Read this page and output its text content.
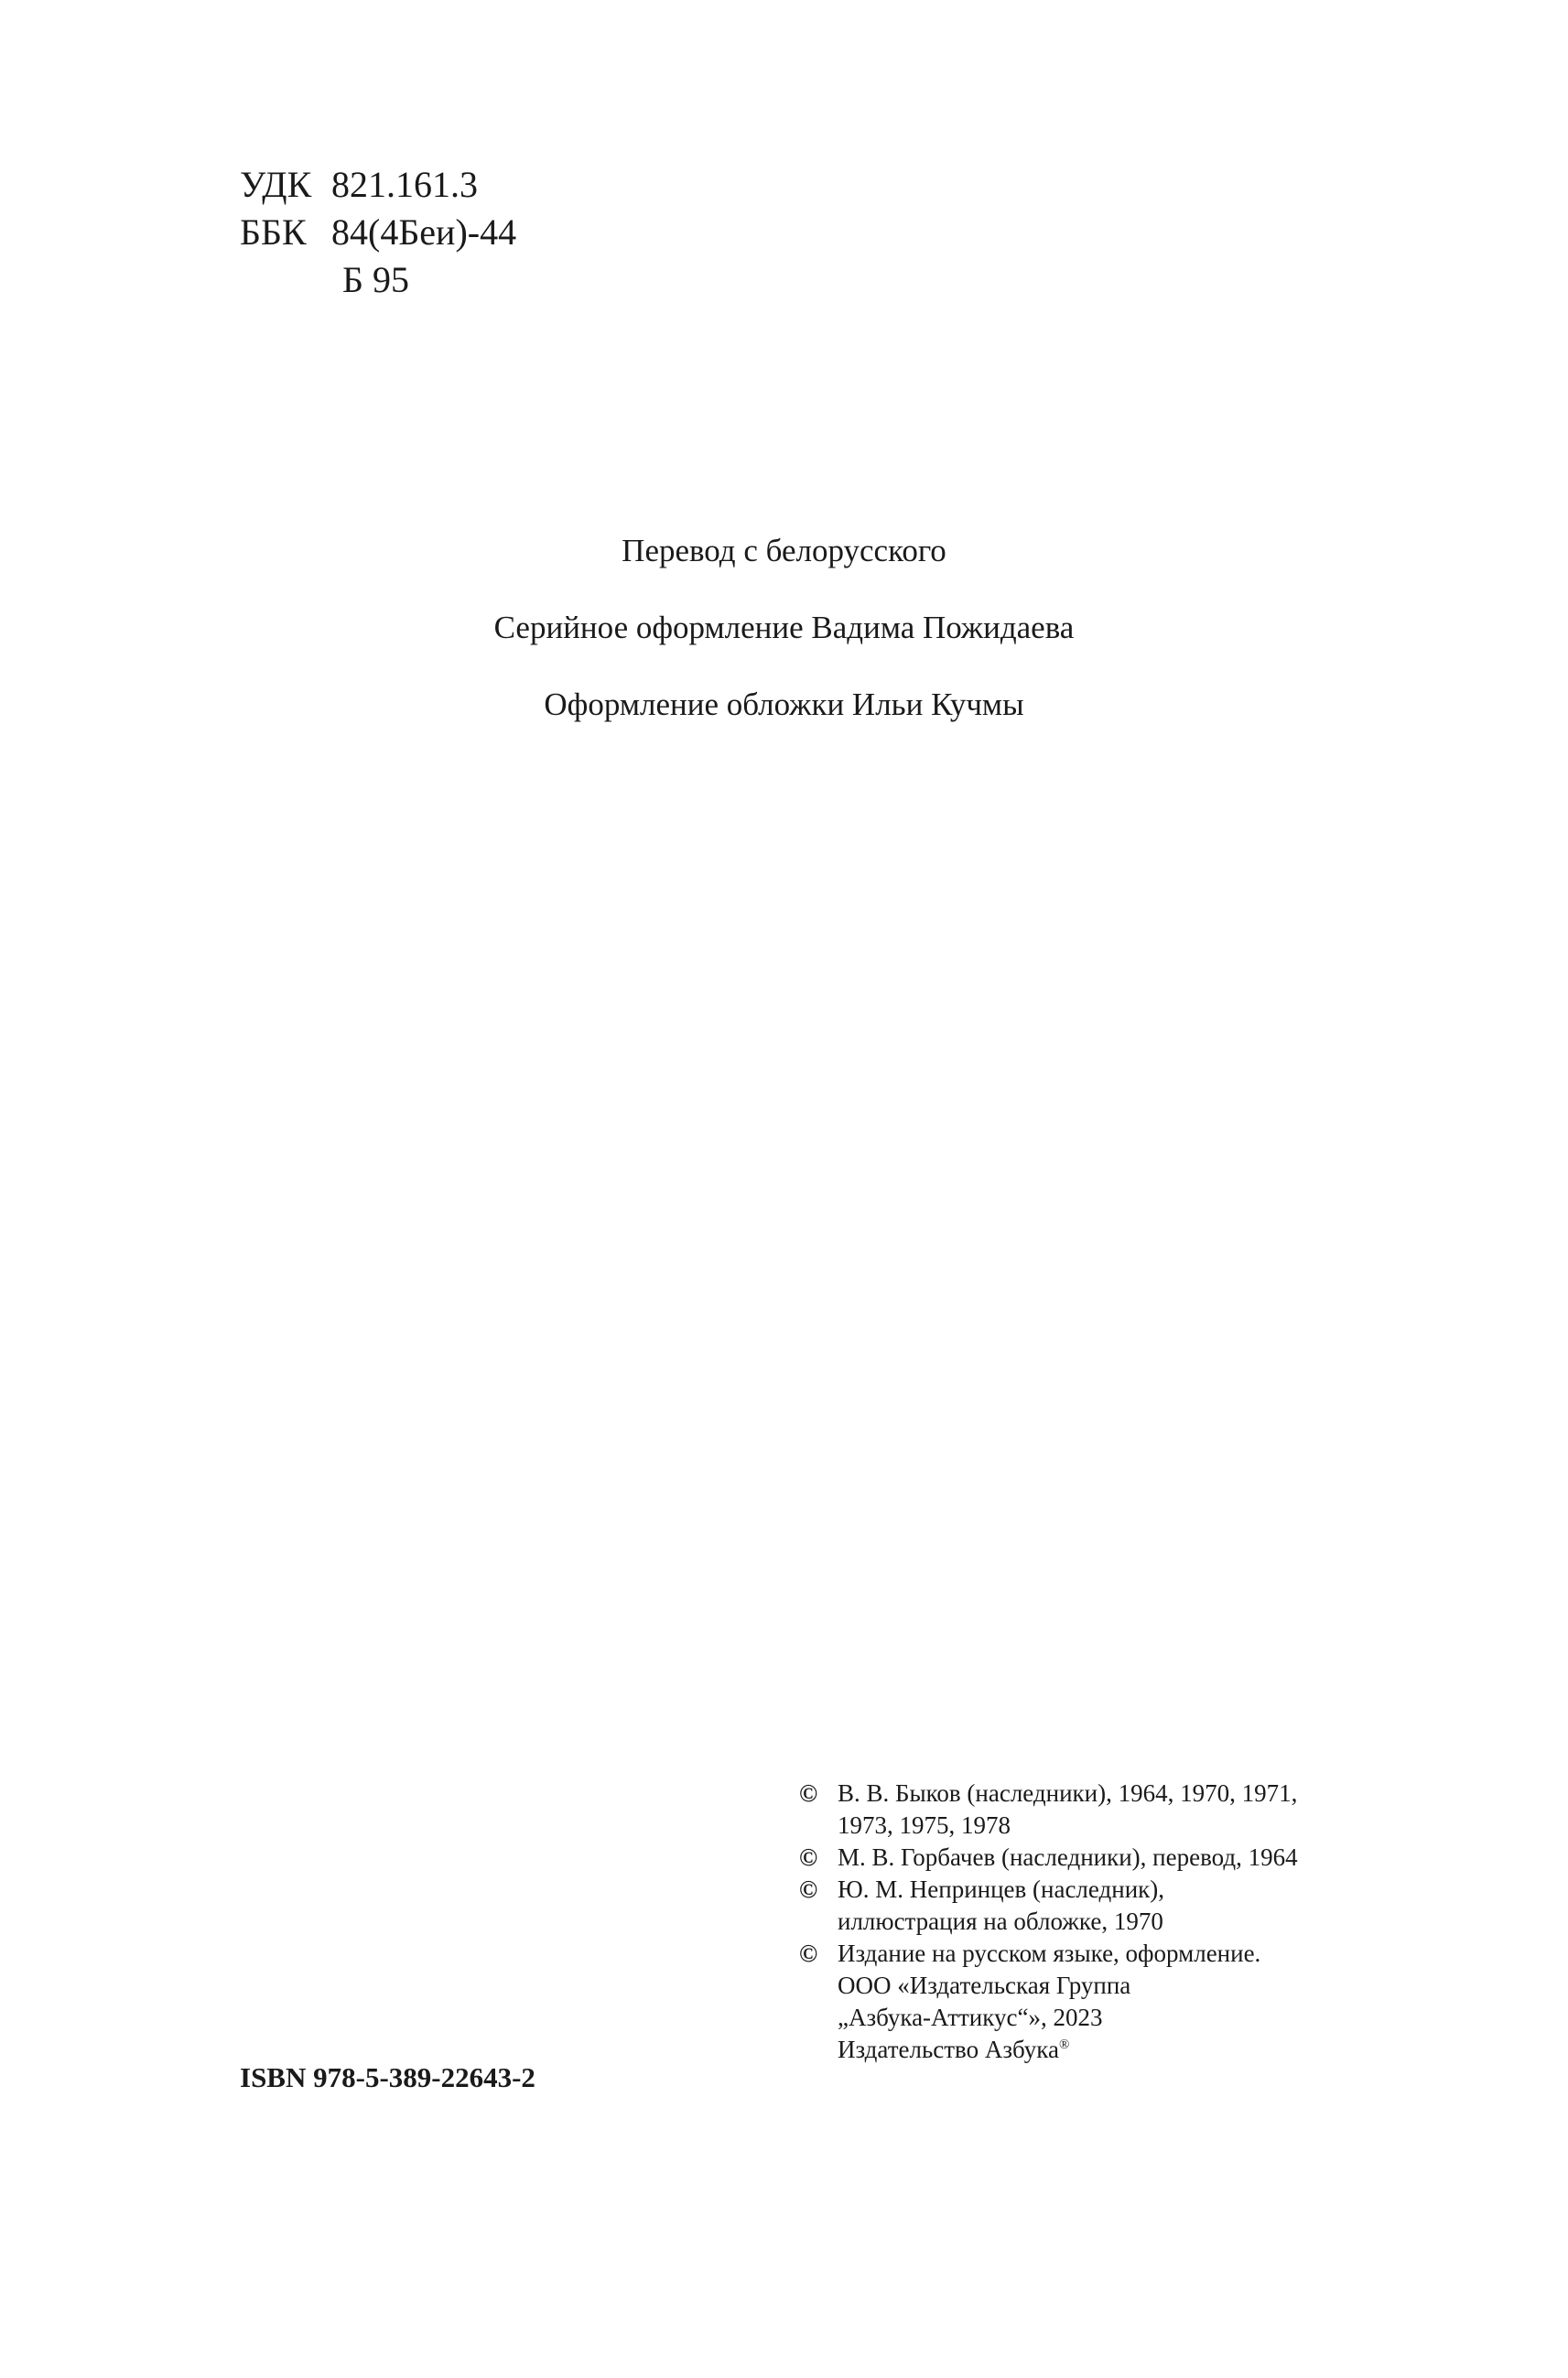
УДК 821.161.3
ББК 84(4Беи)-44
Б 95
Перевод с белорусского
Серийное оформление Вадима Пожидаева
Оформление обложки Ильи Кучмы
© В. В. Быков (наследники), 1964, 1970, 1971,
1973, 1975, 1978
© М. В. Горбачев (наследники), перевод, 1964
© Ю. М. Непринцев (наследник),
иллюстрация на обложке, 1970
© Издание на русском языке, оформление.
ООО «Издательская Группа
„Азбука-Аттикус“», 2023
Издательство Азбука®
ISBN 978-5-389-22643-2
